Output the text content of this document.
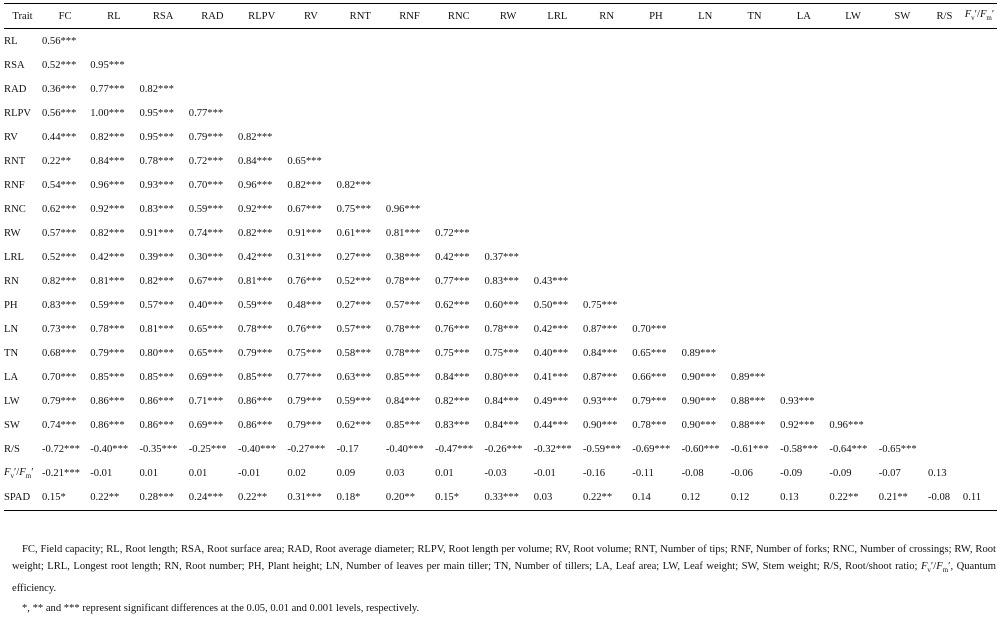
Trait	FC	RL	RSA	RAD	RLPV	RV	RNT	RNF	RNC	RW	LRL	RN	PH	LN	TN	LA	LW	SW	R/S	$F_v'/F_m'$
RL	0.56***																			
RSA	0.52***	0.95***																		
RAD	0.36***	0.77***	0.82***																	
RLPV	0.56***	1.00***	0.95***	0.77***																
RV	0.44***	0.82***	0.95***	0.79***	0.82***															
RNT	0.22**	0.84***	0.78***	0.72***	0.84***	0.65***														
RNF	0.54***	0.96***	0.93***	0.70***	0.96***	0.82***	0.82***													
RNC	0.62***	0.92***	0.83***	0.59***	0.92***	0.67***	0.75***	0.96***												
RW	0.57***	0.82***	0.91***	0.74***	0.82***	0.91***	0.61***	0.81***	0.72***											
LRL	0.52***	0.42***	0.39***	0.30***	0.42***	0.31***	0.27***	0.38***	0.42***	0.37***										
RN	0.82***	0.81***	0.82***	0.67***	0.81***	0.76***	0.52***	0.78***	0.77***	0.83***	0.43***									
PH	0.83***	0.59***	0.57***	0.40***	0.59***	0.48***	0.27***	0.57***	0.62***	0.60***	0.50***	0.75***								
LN	0.73***	0.78***	0.81***	0.65***	0.78***	0.76***	0.57***	0.78***	0.76***	0.78***	0.42***	0.87***	0.70***							
TN	0.68***	0.79***	0.80***	0.65***	0.79***	0.75***	0.58***	0.78***	0.75***	0.75***	0.40***	0.84***	0.65***	0.89***						
LA	0.70***	0.85***	0.85***	0.69***	0.85***	0.77***	0.63***	0.85***	0.84***	0.80***	0.41***	0.87***	0.66***	0.90***	0.89***					
LW	0.79***	0.86***	0.86***	0.71***	0.86***	0.79***	0.59***	0.84***	0.82***	0.84***	0.49***	0.93***	0.79***	0.90***	0.88***	0.93***				
SW	0.74***	0.86***	0.86***	0.69***	0.86***	0.79***	0.62***	0.85***	0.83***	0.84***	0.44***	0.90***	0.78***	0.90***	0.88***	0.92***	0.96***			
R/S	-0.72***	-0.40***	-0.35***	-0.25***	-0.40***	-0.27***	-0.17	-0.40***	-0.47***	-0.26***	-0.32***	-0.59***	-0.69***	-0.60***	-0.61***	-0.58***	-0.64***	-0.65***		
$F_v'/F_m'$	-0.21***	-0.01	0.01	0.01	-0.01	0.02	0.09	0.03	0.01	-0.03	-0.01	-0.16	-0.11	-0.08	-0.06	-0.09	-0.09	-0.07	0.13	
SPAD	0.15*	0.22**	0.28***	0.24***	0.22**	0.31***	0.18*	0.20**	0.15*	0.33***	0.03	0.22**	0.14	0.12	0.12	0.13	0.22**	0.21**	-0.08	0.11

FC, Field capacity; RL, Root length; RSA, Root surface area; RAD, Root average diameter; RLPV, Root length per volume; RV, Root volume; RNT, Number of tips; RNF, Number of forks; RNC, Number of crossings; RW, Root weight; LRL, Longest root length; RN, Root number; PH, Plant height; LN, Number of leaves per main tiller; TN, Number of tillers; LA, Leaf area; LW, Leaf weight; SW, Stem weight; R/S, Root/shoot ratio; $F_v'/F_m'$, Quantum efficiency.

*, ** and *** represent significant differences at the 0.05, 0.01 and 0.001 levels, respectively.
